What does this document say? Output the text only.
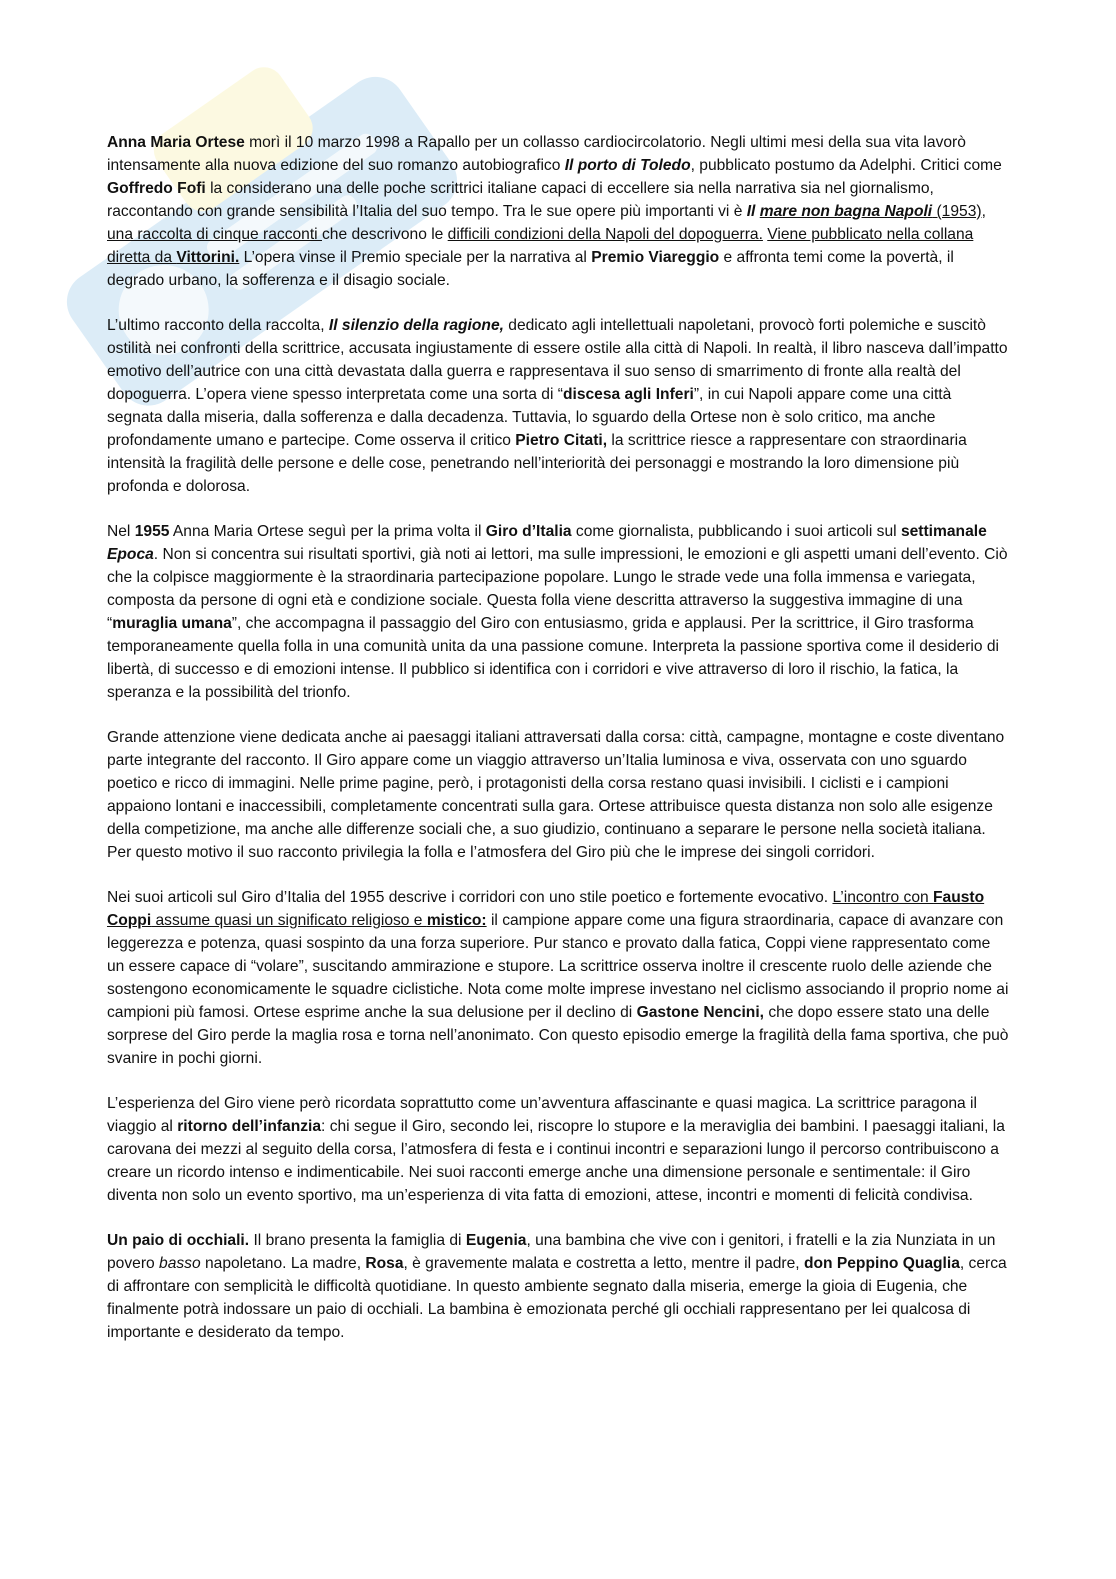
Anna Maria Ortese morì il 10 marzo 1998 a Rapallo per un collasso cardiocircolatorio. Negli ultimi mesi della sua vita lavorò intensamente alla nuova edizione del suo romanzo autobiografico Il porto di Toledo, pubblicato postumo da Adelphi. Critici come Goffredo Fofi la considerano una delle poche scrittrici italiane capaci di eccellere sia nella narrativa sia nel giornalismo, raccontando con grande sensibilità l’Italia del suo tempo. Tra le sue opere più importanti vi è Il mare non bagna Napoli (1953), una raccolta di cinque racconti che descrivono le difficili condizioni della Napoli del dopoguerra. Viene pubblicato nella collana diretta da Vittorini. L’opera vinse il Premio speciale per la narrativa al Premio Viareggio e affronta temi come la povertà, il degrado urbano, la sofferenza e il disagio sociale.

L’ultimo racconto della raccolta, Il silenzio della ragione, dedicato agli intellettuali napoletani, provocò forti polemiche e suscitò ostilità nei confronti della scrittrice, accusata ingiustamente di essere ostile alla città di Napoli. In realtà, il libro nasceva dall’impatto emotivo dell’autrice con una città devastata dalla guerra e rappresentava il suo senso di smarrimento di fronte alla realtà del dopoguerra. L’opera viene spesso interpretata come una sorta di “discesa agli Inferi”, in cui Napoli appare come una città segnata dalla miseria, dalla sofferenza e dalla decadenza. Tuttavia, lo sguardo della Ortese non è solo critico, ma anche profondamente umano e partecipe. Come osserva il critico Pietro Citati, la scrittrice riesce a rappresentare con straordinaria intensità la fragilità delle persone e delle cose, penetrando nell’interiorità dei personaggi e mostrando la loro dimensione più profonda e dolorosa.

Nel 1955 Anna Maria Ortese seguì per la prima volta il Giro d’Italia come giornalista, pubblicando i suoi articoli sul settimanale Epoca. Non si concentra sui risultati sportivi, già noti ai lettori, ma sulle impressioni, le emozioni e gli aspetti umani dell’evento. Ciò che la colpisce maggiormente è la straordinaria partecipazione popolare. Lungo le strade vede una folla immensa e variegata, composta da persone di ogni età e condizione sociale. Questa folla viene descritta attraverso la suggestiva immagine di una “muraglia umana”, che accompagna il passaggio del Giro con entusiasmo, grida e applausi. Per la scrittrice, il Giro trasforma temporaneamente quella folla in una comunità unita da una passione comune. Interpreta la passione sportiva come il desiderio di libertà, di successo e di emozioni intense. Il pubblico si identifica con i corridori e vive attraverso di loro il rischio, la fatica, la speranza e la possibilità del trionfo.

Grande attenzione viene dedicata anche ai paesaggi italiani attraversati dalla corsa: città, campagne, montagne e coste diventano parte integrante del racconto. Il Giro appare come un viaggio attraverso un’Italia luminosa e viva, osservata con uno sguardo poetico e ricco di immagini. Nelle prime pagine, però, i protagonisti della corsa restano quasi invisibili. I ciclisti e i campioni appaiono lontani e inaccessibili, completamente concentrati sulla gara. Ortese attribuisce questa distanza non solo alle esigenze della competizione, ma anche alle differenze sociali che, a suo giudizio, continuano a separare le persone nella società italiana. Per questo motivo il suo racconto privilegia la folla e l’atmosfera del Giro più che le imprese dei singoli corridori.

Nei suoi articoli sul Giro d’Italia del 1955 descrive i corridori con uno stile poetico e fortemente evocativo. L’incontro con Fausto Coppi assume quasi un significato religioso e mistico: il campione appare come una figura straordinaria, capace di avanzare con leggerezza e potenza, quasi sospinto da una forza superiore. Pur stanco e provato dalla fatica, Coppi viene rappresentato come un essere capace di “volare”, suscitando ammirazione e stupore. La scrittrice osserva inoltre il crescente ruolo delle aziende che sostengono economicamente le squadre ciclistiche. Nota come molte imprese investano nel ciclismo associando il proprio nome ai campioni più famosi. Ortese esprime anche la sua delusione per il declino di Gastone Nencini, che dopo essere stato una delle sorprese del Giro perde la maglia rosa e torna nell’anonimato. Con questo episodio emerge la fragilità della fama sportiva, che può svanire in pochi giorni.

L’esperienza del Giro viene però ricordata soprattutto come un’avventura affascinante e quasi magica. La scrittrice paragona il viaggio al ritorno dell’infanzia: chi segue il Giro, secondo lei, riscopre lo stupore e la meraviglia dei bambini. I paesaggi italiani, la carovana dei mezzi al seguito della corsa, l’atmosfera di festa e i continui incontri e separazioni lungo il percorso contribuiscono a creare un ricordo intenso e indimenticabile. Nei suoi racconti emerge anche una dimensione personale e sentimentale: il Giro diventa non solo un evento sportivo, ma un’esperienza di vita fatta di emozioni, attese, incontri e momenti di felicità condivisa.

Un paio di occhiali. Il brano presenta la famiglia di Eugenia, una bambina che vive con i genitori, i fratelli e la zia Nunziata in un povero basso napoletano. La madre, Rosa, è gravemente malata e costretta a letto, mentre il padre, don Peppino Quaglia, cerca di affrontare con semplicità le difficoltà quotidiane. In questo ambiente segnato dalla miseria, emerge la gioia di Eugenia, che finalmente potrà indossare un paio di occhiali. La bambina è emozionata perché gli occhiali rappresentano per lei qualcosa di importante e desiderato da tempo.
